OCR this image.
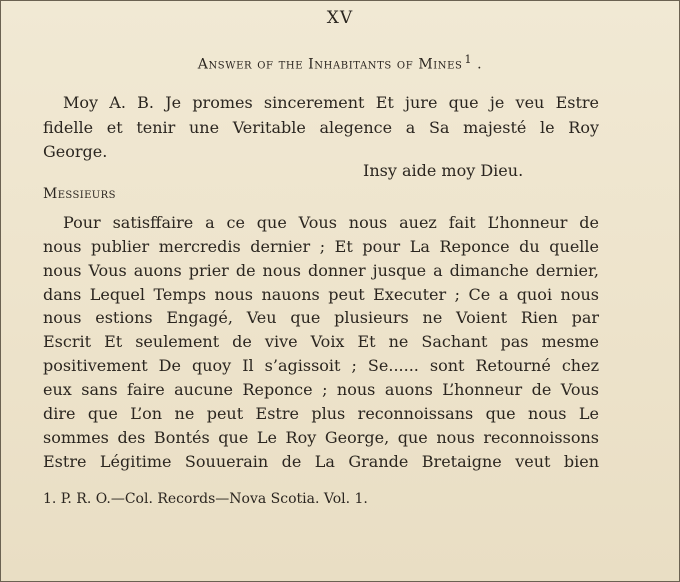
XV
Answer of the Inhabitants of Mines $^1$ .
Moy A. B. Je promes sincerement Et jure que je veu Estre
fidelle et tenir une Veritable alegence a Sa majesté le Roy
George.
Insy aide moy Dieu.
Messieurs
Pour satisffaire a ce que Vous nous auez fait L’honneur de
nous publier mercredis dernier ; Et pour La Reponce du quelle
nous Vous auons prier de nous donner jusque a dimanche dernier,
dans Lequel Temps nous nauons peut Executer ; Ce a quoi nous
nous estions Engagé, Veu que plusieurs ne Voient Rien par
Escrit Et seulement de vive Voix Et ne Sachant pas mesme
positivement De quoy Il s’agissoit ; Se...... sont Retourné chez
eux sans faire aucune Reponce ; nous auons L’honneur de Vous
dire que L’on ne peut Estre plus reconnoissans que nous Le
sommes des Bontés que Le Roy George, que nous reconnoissons
Estre Légitime Souuerain de La Grande Bretaigne veut bien
1. P. R. O.—Col. Records—Nova Scotia. Vol. 1.
